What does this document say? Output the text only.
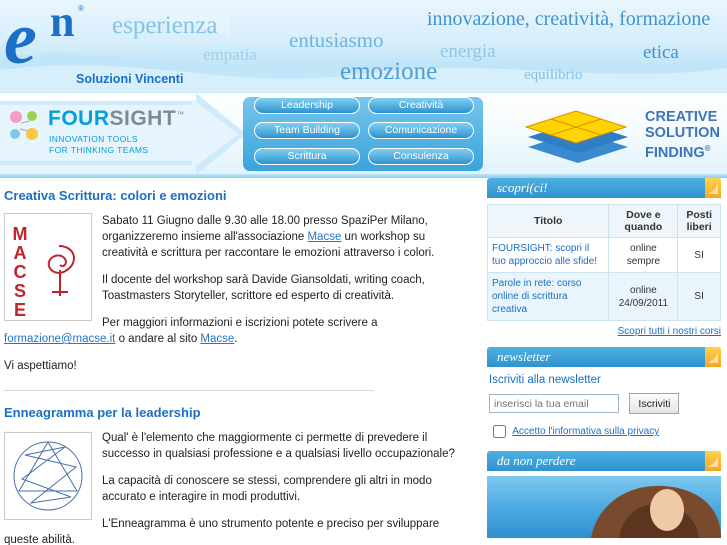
e n ®
Soluzioni Vincenti
esperienza
empatia
entusiasmo
emozione
innovazione, creatività, formazione
energia
equilibrio
etica
FOURSIGHT™
INNOVATION TOOLS
FOR THINKING TEAMS
CREATIVE
SOLUTION
FINDING®
Leadership	Creatività
Team Building	Comunicazione
Scrittura	Consulenza
Creativa Scrittura: colori e emozioni
MACSE

Sabato 11 Giugno dalle 9.30 alle 18.00 presso SpaziPer Milano, organizzeremo insieme all'associazione Macse un workshop su creatività e scrittura per raccontare le emozioni attraverso i colori.

Il docente del workshop sarà Davide Giansoldati, writing coach, Toastmasters Storyteller, scrittore ed esperto di creatività.

Per maggiori informazioni e iscrizioni potete scrivere a formazione@macse.it o andare al sito Macse.

Vi aspettiamo!

Enneagramma per la leadership

Qual' è l'elemento che maggiormente ci permette di prevedere il successo in qualsiasi professione e a qualsiasi livello occupazionale?

La capacità di conoscere se stessi, comprendere gli altri in modo accurato e interagire in modi produttivi.

L'Enneagramma è uno strumento potente e preciso per sviluppare queste abilità.

scopri(ci!
Titolo	Dove e quando	Posti liberi
FOURSIGHT: scopri il tuo approccio alle sfide!	online sempre	SI
Parole in rete: corso online di scrittura creativa	online 24/09/2011	SI
Scopri tutti i nostri corsi
newsletter
Iscriviti alla newsletter
inserisci la tua email Iscriviti
Accetto l'informativa sulla privacy
da non perdere
